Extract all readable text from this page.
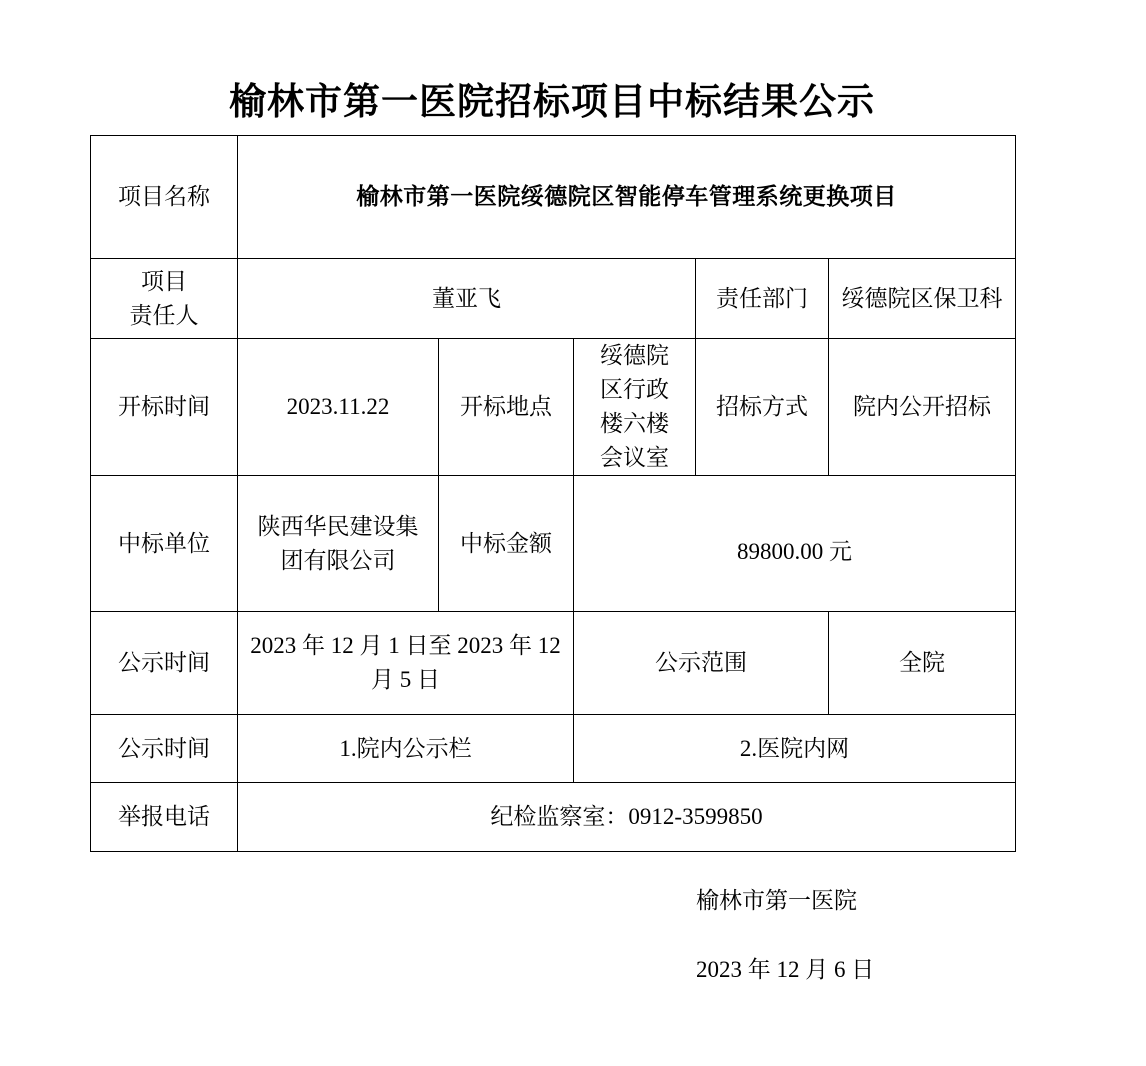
榆林市第一医院招标项目中标结果公示
项目名称	榆林市第一医院绥德院区智能停车管理系统更换项目				

项目
责任人	董亚飞			责任部门	绥德院区保卫科
开标时间	2023.11.22	开标地点	绥德院区行政楼六楼会议室	招标方式	院内公开招标
中标单位	陕西华民建设集团有限公司	中标金额	89800.00 元		
公示时间	2023 年 12 月 1 日至 2023 年 12 月 5 日		公示范围		全院
公示时间	1.院内公示栏		2.医院内网		
举报电话	纪检监察室：0912-3599850				
榆林市第一医院
2023 年 12 月 6 日
